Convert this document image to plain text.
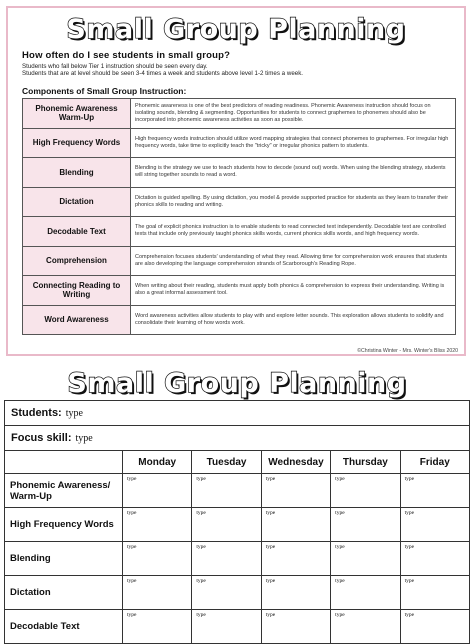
Small Group Planning
How often do I see students in small group?
Students who fall below Tier 1 instruction should be seen every day.
Students that are at level should be seen 3-4 times a week and students above level 1-2 times a week.
Components of Small Group Instruction:
Phonemic Awareness Warm-Up	Phonemic awareness is one of the best predictors of reading readiness. Phonemic Awareness instruction should focus on isolating sounds, blending & segmenting. Opportunities for students to connect graphemes to phonemes should also be incorporated into phonemic awareness activities as soon as possible.
High Frequency Words	High frequency words instruction should utilize word mapping strategies that connect phonemes to graphemes. For irregular high frequency words, take time to explicitly teach the "tricky" or irregular phonics pattern to students.
Blending	Blending is the strategy we use to teach students how to decode (sound out) words. When using the blending strategy, students will string together sounds to read a word.
Dictation	Dictation is guided spelling. By using dictation, you model & provide supported practice for students as they learn to transfer their phonics skills to reading and writing.
Decodable Text	The goal of explicit phonics instruction is to enable students to read connected text independently. Decodable text are controlled texts that include only previously taught phonics skills words, current phonics skills words, and high frequency words.
Comprehension	Comprehension focuses students' understanding of what they read. Allowing time for comprehension work ensures that students are also developing the language comprehension strands of Scarborough's Reading Rope.
Connecting Reading to Writing	When writing about their reading, students must apply both phonics & comprehension to express their understanding. Writing is also a great informal assessment tool.
Word Awareness	Word awareness activities allow students to play with and explore letter sounds. This exploration allows students to solidify and consolidate their learning of how words work.
©Christina Winter - Mrs. Winter's Bliss 2020
Small Group Planning
Students: type					
Focus skill: type					
	Monday	Tuesday	Wednesday	Thursday	Friday
Phonemic Awareness/ Warm-Up	type	type	type	type	type
High Frequency Words	type	type	type	type	type
Blending	type	type	type	type	type
Dictation	type	type	type	type	type
Decodable Text	type	type	type	type	type
